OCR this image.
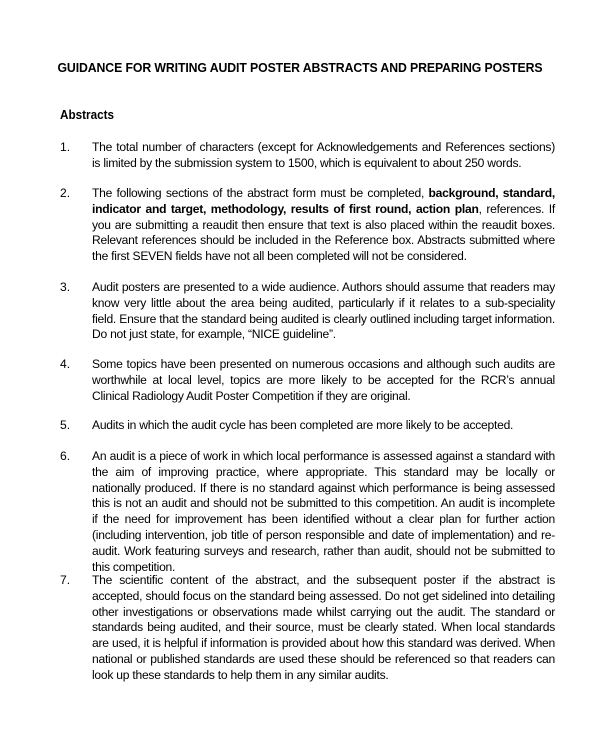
GUIDANCE FOR WRITING AUDIT POSTER ABSTRACTS AND PREPARING POSTERS
Abstracts
1. The total number of characters (except for Acknowledgements and References sections) is limited by the submission system to 1500, which is equivalent to about 250 words.
2. The following sections of the abstract form must be completed, background, standard, indicator and target, methodology, results of first round, action plan, references. If you are submitting a reaudit then ensure that text is also placed within the reaudit boxes. Relevant references should be included in the Reference box. Abstracts submitted where the first SEVEN fields have not all been completed will not be considered.
3. Audit posters are presented to a wide audience. Authors should assume that readers may know very little about the area being audited, particularly if it relates to a sub-speciality field. Ensure that the standard being audited is clearly outlined including target information. Do not just state, for example, “NICE guideline”.
4. Some topics have been presented on numerous occasions and although such audits are worthwhile at local level, topics are more likely to be accepted for the RCR’s annual Clinical Radiology Audit Poster Competition if they are original.
5. Audits in which the audit cycle has been completed are more likely to be accepted.
6. An audit is a piece of work in which local performance is assessed against a standard with the aim of improving practice, where appropriate. This standard may be locally or nationally produced. If there is no standard against which performance is being assessed this is not an audit and should not be submitted to this competition. An audit is incomplete if the need for improvement has been identified without a clear plan for further action (including intervention, job title of person responsible and date of implementation) and re-audit. Work featuring surveys and research, rather than audit, should not be submitted to this competition.
7. The scientific content of the abstract, and the subsequent poster if the abstract is accepted, should focus on the standard being assessed. Do not get sidelined into detailing other investigations or observations made whilst carrying out the audit. The standard or standards being audited, and their source, must be clearly stated. When local standards are used, it is helpful if information is provided about how this standard was derived. When national or published standards are used these should be referenced so that readers can look up these standards to help them in any similar audits.
